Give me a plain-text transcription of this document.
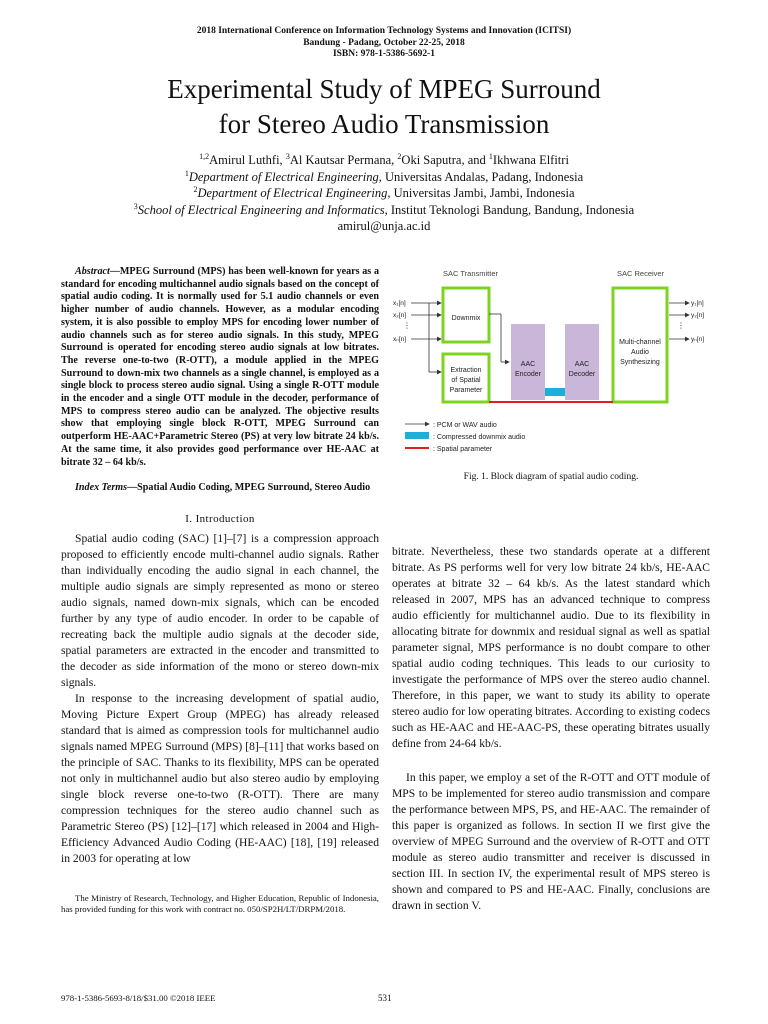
2018 International Conference on Information Technology Systems and Innovation (ICITSI)
Bandung - Padang, October 22-25, 2018
ISBN: 978-1-5386-5692-1
Experimental Study of MPEG Surround
for Stereo Audio Transmission
$^{1,2}$Amirul Luthfi, $^3$Al Kautsar Permana, $^2$Oki Saputra, and $^1$Ikhwana Elfitri
$^1$Department of Electrical Engineering, Universitas Andalas, Padang, Indonesia
$^2$Department of Electrical Engineering, Universitas Jambi, Jambi, Indonesia
$^3$School of Electrical Engineering and Informatics, Institut Teknologi Bandung, Bandung, Indonesia
amirul@unja.ac.id

Abstract—MPEG Surround (MPS) has been well-known for years as a standard for encoding multichannel audio signals based on the concept of spatial audio coding. It is normally used for 5.1 audio channels or even higher number of audio channels. However, as a modular encoding system, it is also possible to employ MPS for encoding lower number of audio channels such as for stereo audio signals. In this study, MPEG Surround is operated for encoding stereo audio signals at low bitrates. The reverse one-to-two (R-OTT), a module applied in the MPEG Surround to down-mix two channels as a single channel, is employed as a single block to process stereo audio signal. Using a single R-OTT module in the encoder and a single OTT module in the decoder, performance of MPS to compress stereo audio can be analyzed. The objective results show that employing single block R-OTT, MPEG Surround can outperform HE-AAC+Parametric Stereo (PS) at very low bitrate 24 kb/s. At the same time, it also provides good performance over HE-AAC at bitrate 32 – 64 kb/s.

Index Terms—Spatial Audio Coding, MPEG Surround, Stereo Audio

I. Introduction

Spatial audio coding (SAC) [1]–[7] is a compression approach proposed to efficiently encode multi-channel audio signals. Rather than individually encoding the audio signal in each channel, the multiple audio signals are simply represented as mono or stereo audio signals, named down-mix signals, which can be encoded further by any type of audio encoder. In order to be capable of recreating back the multiple audio signals at the decoder side, spatial parameters are extracted in the encoder and transmitted to the decoder as side information of the mono or stereo down-mix signals.

In response to the increasing development of spatial audio, Moving Picture Expert Group (MPEG) has already released standard that is aimed as compression tools for multichannel audio signals named MPEG Surround (MPS) [8]–[11] that works based on the principle of SAC. Thanks to its flexibility, MPS can be operated not only in multichannel audio but also stereo audio by employing single block reverse one-to-two (R-OTT). There are many compression techniques for the stereo audio channel such as Parametric Stereo (PS) [12]–[17] which released in 2004 and High-Efficiency Advanced Audio Coding (HE-AAC) [18], [19] released in 2003 for operating at low

The Ministry of Research, Technology, and Higher Education, Republic of Indonesia, has provided funding for this work with contract no. 050/SP2H/LT/DRPM/2018.

SAC Transmitter	SAC Receiver
Downmix
Extraction
of Spatial
Parameter
AAC
Encoder
AAC
Decoder
Multi-channel
Audio
Synthesizing
x₁[n]
x₂[n]
xₙ[n]
⋮	⋮
y₁[n]
y₂[n]
yₙ[n]
: PCM or WAV audio
: Compressed downmix audio
: Spatial parameter
Fig. 1. Block diagram of spatial audio coding.

bitrate. Nevertheless, these two standards operate at a different bitrate. As PS performs well for very low bitrate 24 kb/s, HE-AAC operates at bitrate 32 – 64 kb/s. As the latest standard which released in 2007, MPS has an advanced technique to compress audio efficiently for multichannel audio. Due to its flexibility in allocating bitrate for downmix and residual signal as well as spatial parameter signal, MPS performance is no doubt compare to other spatial audio coding techniques. This leads to our curiosity to investigate the performance of MPS over the stereo audio channel. Therefore, in this paper, we want to study its ability to operate stereo audio for low operating bitrates. According to existing codecs such as HE-AAC and HE-AAC-PS, these operating bitrates usually define from 24-64 kb/s.

In this paper, we employ a set of the R-OTT and OTT module of MPS to be implemented for stereo audio transmission and compare the performance between MPS, PS, and HE-AAC. The remainder of this paper is organized as follows. In section II we first give the overview of MPEG Surround and the overview of R-OTT and OTT module as stereo audio transmitter and receiver is discussed in section III. In section IV, the experimental result of MPS stereo is shown and compared to PS and HE-AAC. Finally, conclusions are drawn in section V.

978-1-5386-5693-8/18/$31.00 ©2018 IEEE	531
